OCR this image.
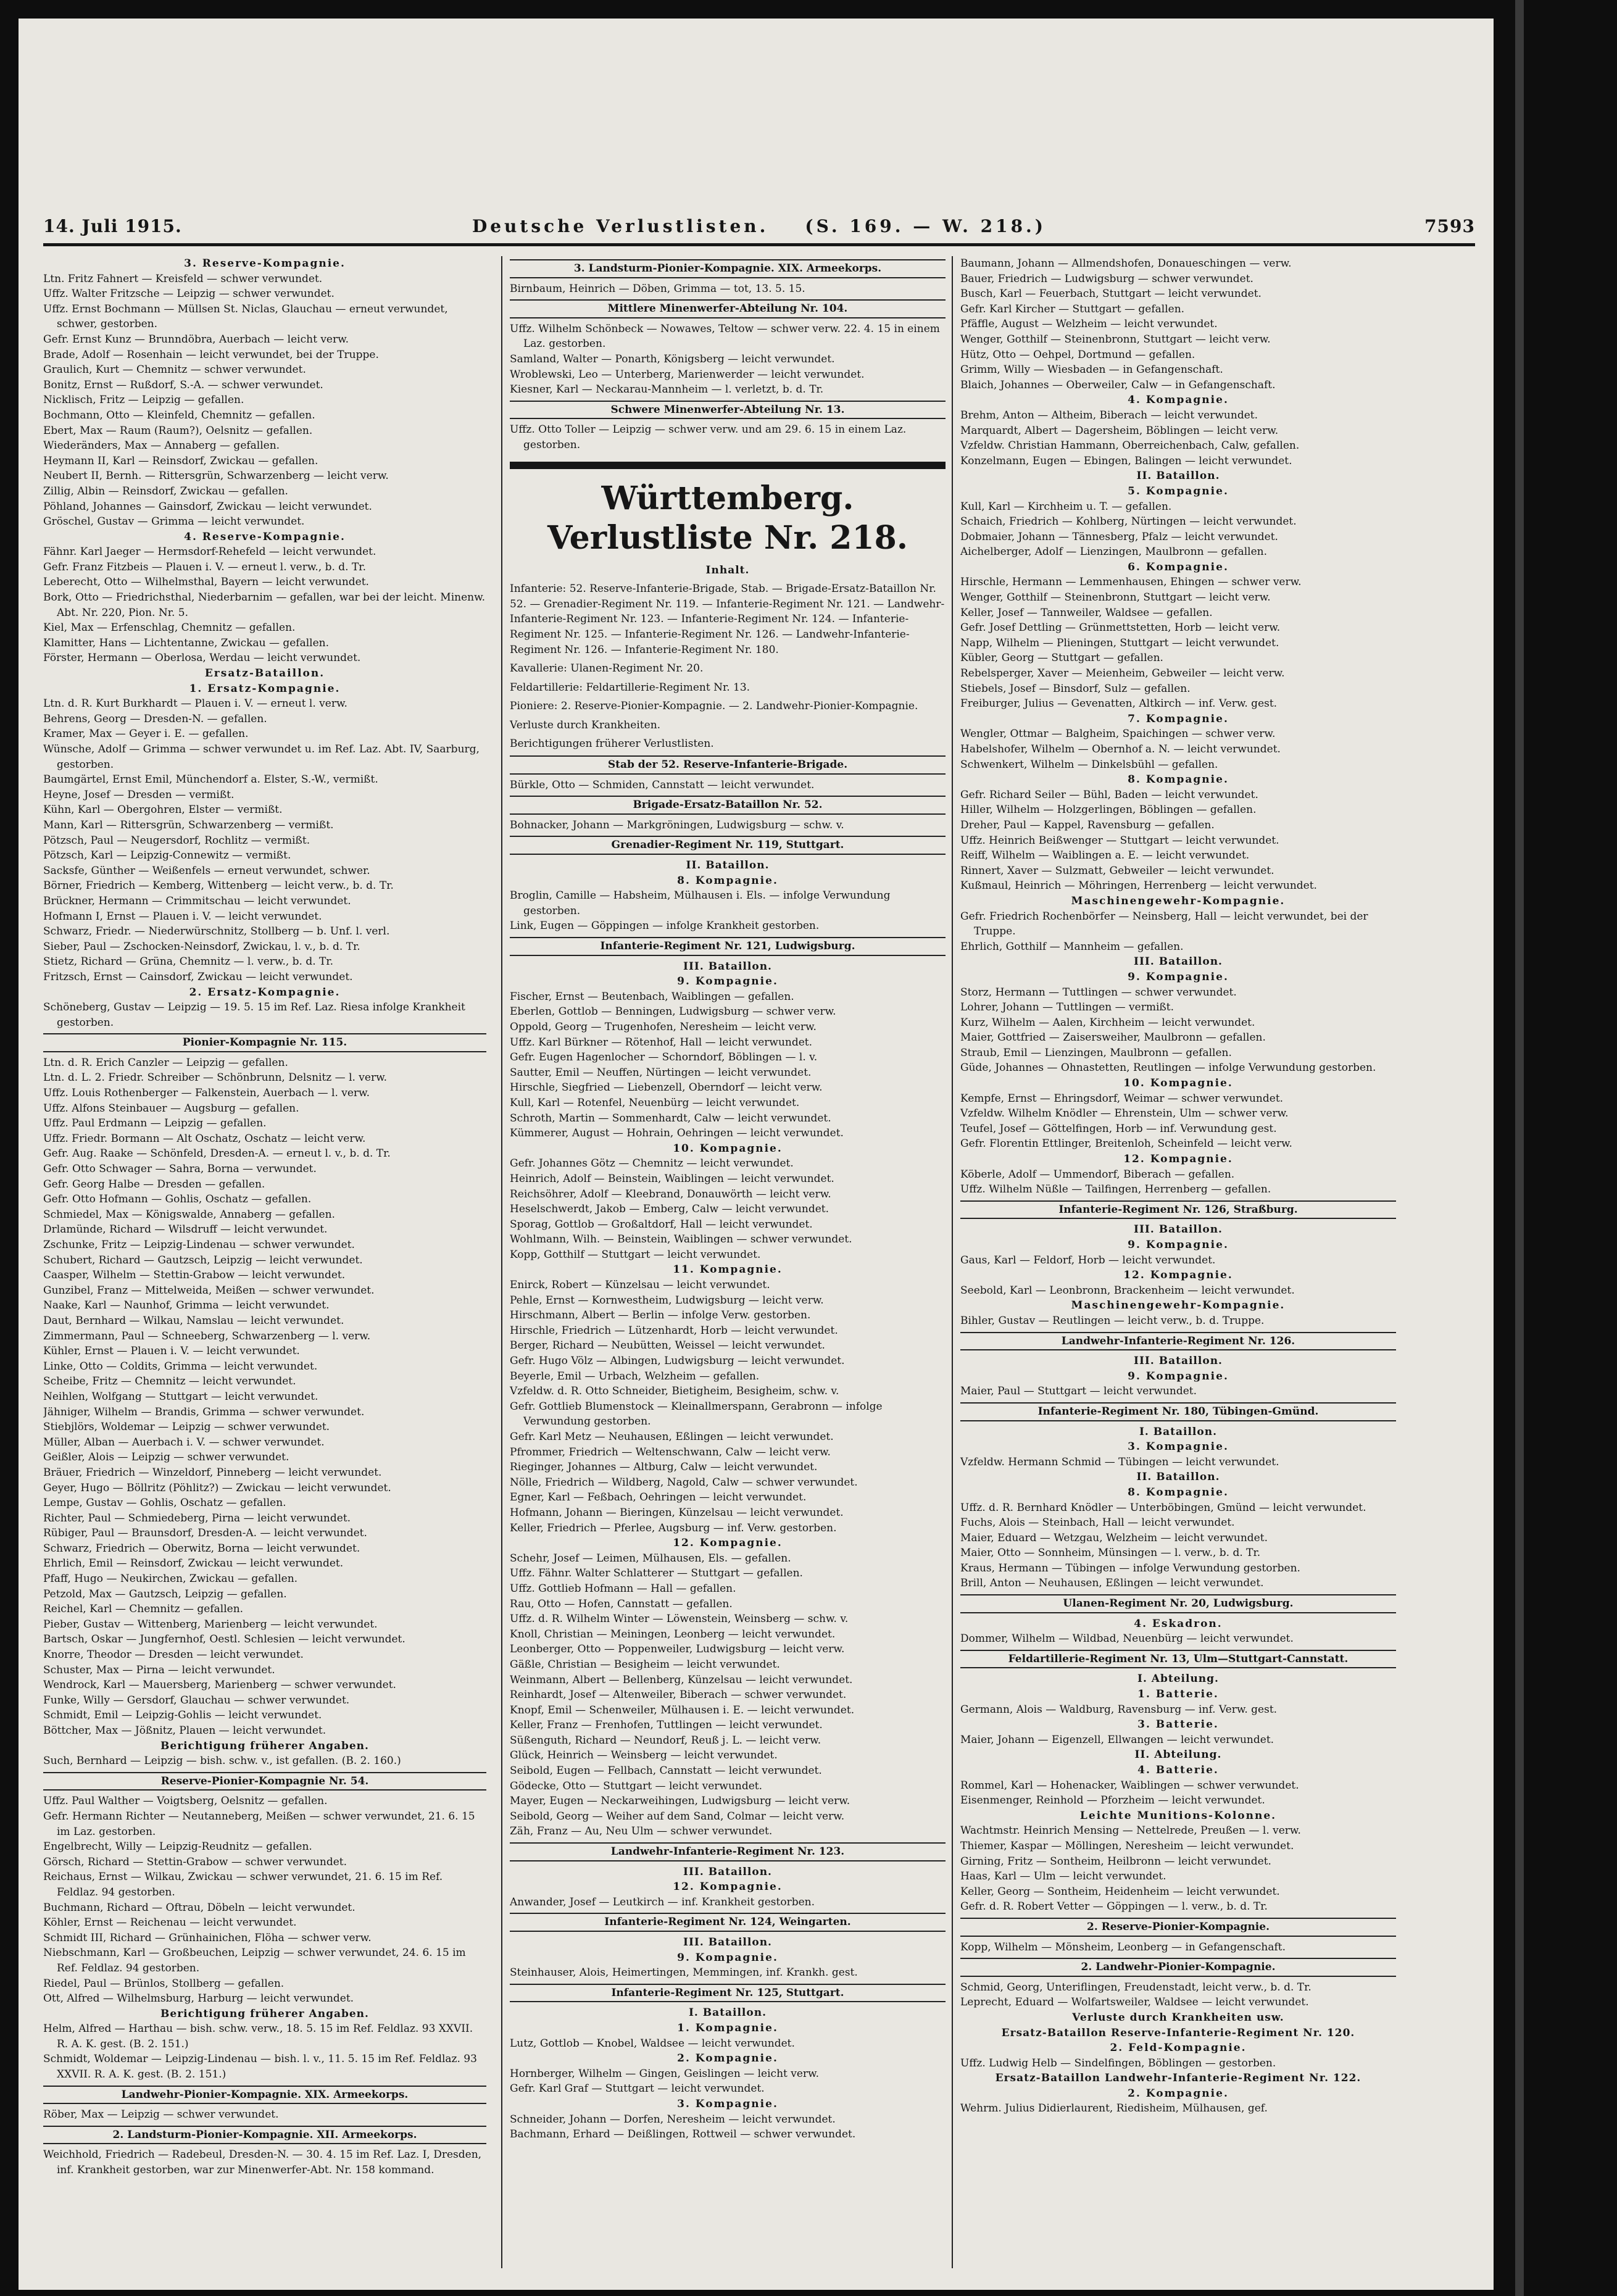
14. Juli 1915.	Deutsche Verlustlisten. (S. 169. — W. 218.)	7593
3. Reserve-Kompagnie.
Ltn. Fritz Fahnert — Kreisfeld — schwer verwundet.
Uffz. Walter Fritzsche — Leipzig — schwer verwundet.
Uffz. Ernst Bochmann — Müllsen St. Niclas, Glauchau — erneut verwundet, schwer, gestorben.
Gefr. Ernst Kunz — Brunndöbra, Auerbach — leicht verw.
Brade, Adolf — Rosenhain — leicht verwundet, bei der Truppe.
Graulich, Kurt — Chemnitz — schwer verwundet.
Bonitz, Ernst — Rußdorf, S.-A. — schwer verwundet.
Nicklisch, Fritz — Leipzig — gefallen.
Bochmann, Otto — Kleinfeld, Chemnitz — gefallen.
Ebert, Max — Raum (Raum?), Oelsnitz — gefallen.
Wiederänders, Max — Annaberg — gefallen.
Heymann II, Karl — Reinsdorf, Zwickau — gefallen.
Neubert II, Bernh. — Rittersgrün, Schwarzenberg — leicht verw.
Zillig, Albin — Reinsdorf, Zwickau — gefallen.
Pöhland, Johannes — Gainsdorf, Zwickau — leicht verwundet.
Gröschel, Gustav — Grimma — leicht verwundet.
4. Reserve-Kompagnie.
Fähnr. Karl Jaeger — Hermsdorf-Rehefeld — leicht verwundet.
Gefr. Franz Fitzbeis — Plauen i. V. — erneut l. verw., b. d. Tr.
Leberecht, Otto — Wilhelmsthal, Bayern — leicht verwundet.
Bork, Otto — Friedrichsthal, Niederbarnim — gefallen, war bei der leicht. Minenw. Abt. Nr. 220, Pion. Nr. 5.
Kiel, Max — Erfenschlag, Chemnitz — gefallen.
Klamitter, Hans — Lichtentanne, Zwickau — gefallen.
Förster, Hermann — Oberlosa, Werdau — leicht verwundet.
Ersatz-Bataillon.
1. Ersatz-Kompagnie.
Ltn. d. R. Kurt Burkhardt — Plauen i. V. — erneut l. verw.
Behrens, Georg — Dresden-N. — gefallen.
Kramer, Max — Geyer i. E. — gefallen.
Wünsche, Adolf — Grimma — schwer verwundet u. im Ref. Laz. Abt. IV, Saarburg, gestorben.
Baumgärtel, Ernst Emil, Münchendorf a. Elster, S.-W., vermißt.
Heyne, Josef — Dresden — vermißt.
Kühn, Karl — Obergohren, Elster — vermißt.
Mann, Karl — Rittersgrün, Schwarzenberg — vermißt.
Pötzsch, Paul — Neugersdorf, Rochlitz — vermißt.
Pötzsch, Karl — Leipzig-Connewitz — vermißt.
Sacksfe, Günther — Weißenfels — erneut verwundet, schwer.
Börner, Friedrich — Kemberg, Wittenberg — leicht verw., b. d. Tr.
Brückner, Hermann — Crimmitschau — leicht verwundet.
Hofmann I, Ernst — Plauen i. V. — leicht verwundet.
Schwarz, Friedr. — Niederwürschnitz, Stollberg — b. Unf. l. verl.
Sieber, Paul — Zschocken-Neinsdorf, Zwickau, l. v., b. d. Tr.
Stietz, Richard — Grüna, Chemnitz — l. verw., b. d. Tr.
Fritzsch, Ernst — Cainsdorf, Zwickau — leicht verwundet.
2. Ersatz-Kompagnie.
Schöneberg, Gustav — Leipzig — 19. 5. 15 im Ref. Laz. Riesa infolge Krankheit gestorben.
Pionier-Kompagnie Nr. 115.
Ltn. d. R. Erich Canzler — Leipzig — gefallen.
Ltn. d. L. 2. Friedr. Schreiber — Schönbrunn, Delsnitz — l. verw.
Uffz. Louis Rothenberger — Falkenstein, Auerbach — l. verw.
Uffz. Alfons Steinbauer — Augsburg — gefallen.
Uffz. Paul Erdmann — Leipzig — gefallen.
Uffz. Friedr. Bormann — Alt Oschatz, Oschatz — leicht verw.
Gefr. Aug. Raake — Schönfeld, Dresden-A. — erneut l. v., b. d. Tr.
Gefr. Otto Schwager — Sahra, Borna — verwundet.
Gefr. Georg Halbe — Dresden — gefallen.
Gefr. Otto Hofmann — Gohlis, Oschatz — gefallen.
Schmiedel, Max — Königswalde, Annaberg — gefallen.
Drlamünde, Richard — Wilsdruff — leicht verwundet.
Zschunke, Fritz — Leipzig-Lindenau — schwer verwundet.
Schubert, Richard — Gautzsch, Leipzig — leicht verwundet.
Caasper, Wilhelm — Stettin-Grabow — leicht verwundet.
Gunzibel, Franz — Mittelweida, Meißen — schwer verwundet.
Naake, Karl — Naunhof, Grimma — leicht verwundet.
Daut, Bernhard — Wilkau, Namslau — leicht verwundet.
Zimmermann, Paul — Schneeberg, Schwarzenberg — l. verw.
Kühler, Ernst — Plauen i. V. — leicht verwundet.
Linke, Otto — Coldits, Grimma — leicht verwundet.
Scheibe, Fritz — Chemnitz — leicht verwundet.
Neihlen, Wolfgang — Stuttgart — leicht verwundet.
Jähniger, Wilhelm — Brandis, Grimma — schwer verwundet.
Stiebjlörs, Woldemar — Leipzig — schwer verwundet.
Müller, Alban — Auerbach i. V. — schwer verwundet.
Geißler, Alois — Leipzig — schwer verwundet.
Bräuer, Friedrich — Winzeldorf, Pinneberg — leicht verwundet.
Geyer, Hugo — Böllritz (Pöhlitz?) — Zwickau — leicht verwundet.
Lempe, Gustav — Gohlis, Oschatz — gefallen.
Richter, Paul — Schmiedeberg, Pirna — leicht verwundet.
Rübiger, Paul — Braunsdorf, Dresden-A. — leicht verwundet.
Schwarz, Friedrich — Oberwitz, Borna — leicht verwundet.
Ehrlich, Emil — Reinsdorf, Zwickau — leicht verwundet.
Pfaff, Hugo — Neukirchen, Zwickau — gefallen.
Petzold, Max — Gautzsch, Leipzig — gefallen.
Reichel, Karl — Chemnitz — gefallen.
Pieber, Gustav — Wittenberg, Marienberg — leicht verwundet.
Bartsch, Oskar — Jungfernhof, Oestl. Schlesien — leicht verwundet.
Knorre, Theodor — Dresden — leicht verwundet.
Schuster, Max — Pirna — leicht verwundet.
Wendrock, Karl — Mauersberg, Marienberg — schwer verwundet.
Funke, Willy — Gersdorf, Glauchau — schwer verwundet.
Schmidt, Emil — Leipzig-Gohlis — leicht verwundet.
Böttcher, Max — Jößnitz, Plauen — leicht verwundet.
Berichtigung früherer Angaben.
Such, Bernhard — Leipzig — bish. schw. v., ist gefallen. (B. 2. 160.)
Reserve-Pionier-Kompagnie Nr. 54.
Uffz. Paul Walther — Voigtsberg, Oelsnitz — gefallen.
Gefr. Hermann Richter — Neutanneberg, Meißen — schwer verwundet, 21. 6. 15 im Laz. gestorben.
Engelbrecht, Willy — Leipzig-Reudnitz — gefallen.
Görsch, Richard — Stettin-Grabow — schwer verwundet.
Reichaus, Ernst — Wilkau, Zwickau — schwer verwundet, 21. 6. 15 im Ref. Feldlaz. 94 gestorben.
Buchmann, Richard — Oftrau, Döbeln — leicht verwundet.
Köhler, Ernst — Reichenau — leicht verwundet.
Schmidt III, Richard — Grünhainichen, Flöha — schwer verw.
Niebschmann, Karl — Großbeuchen, Leipzig — schwer verwundet, 24. 6. 15 im Ref. Feldlaz. 94 gestorben.
Riedel, Paul — Brünlos, Stollberg — gefallen.
Ott, Alfred — Wilhelmsburg, Harburg — leicht verwundet.
Berichtigung früherer Angaben.
Helm, Alfred — Harthau — bish. schw. verw., 18. 5. 15 im Ref. Feldlaz. 93 XXVII. R. A. K. gest. (B. 2. 151.)
Schmidt, Woldemar — Leipzig-Lindenau — bish. l. v., 11. 5. 15 im Ref. Feldlaz. 93 XXVII. R. A. K. gest. (B. 2. 151.)
Landwehr-Pionier-Kompagnie. XIX. Armeekorps.
Röber, Max — Leipzig — schwer verwundet.
2. Landsturm-Pionier-Kompagnie. XII. Armeekorps.
Weichhold, Friedrich — Radebeul, Dresden-N. — 30. 4. 15 im Ref. Laz. I, Dresden, inf. Krankheit gestorben, war zur Minenwerfer-Abt. Nr. 158 kommand.
3. Landsturm-Pionier-Kompagnie. XIX. Armeekorps.
Birnbaum, Heinrich — Döben, Grimma — tot, 13. 5. 15.
Mittlere Minenwerfer-Abteilung Nr. 104.
Uffz. Wilhelm Schönbeck — Nowawes, Teltow — schwer verw. 22. 4. 15 in einem Laz. gestorben.
Samland, Walter — Ponarth, Königsberg — leicht verwundet.
Wroblewski, Leo — Unterberg, Marienwerder — leicht verwundet.
Kiesner, Karl — Neckarau-Mannheim — l. verletzt, b. d. Tr.
Schwere Minenwerfer-Abteilung Nr. 13.
Uffz. Otto Toller — Leipzig — schwer verw. und am 29. 6. 15 in einem Laz. gestorben.
Württemberg. Verlustliste Nr. 218.
Inhalt.
Infanterie: 52. Reserve-Infanterie-Brigade, Stab. — Brigade-Ersatz-Bataillon Nr. 52. — Grenadier-Regiment Nr. 119. — Infanterie-Regiment Nr. 121. — Landwehr-Infanterie-Regiment Nr. 123. — Infanterie-Regiment Nr. 124. — Infanterie-Regiment Nr. 125. — Infanterie-Regiment Nr. 126. — Landwehr-Infanterie-Regiment Nr. 126. — Infanterie-Regiment Nr. 180.
Kavallerie: Ulanen-Regiment Nr. 20.
Feldartillerie: Feldartillerie-Regiment Nr. 13.
Pioniere: 2. Reserve-Pionier-Kompagnie. — 2. Landwehr-Pionier-Kompagnie.
Verluste durch Krankheiten.
Berichtigungen früherer Verlustlisten.
Stab der 52. Reserve-Infanterie-Brigade.
Bürkle, Otto — Schmiden, Cannstatt — leicht verwundet.
Brigade-Ersatz-Bataillon Nr. 52.
Bohnacker, Johann — Markgröningen, Ludwigsburg — schw. v.
Grenadier-Regiment Nr. 119, Stuttgart.
II. Bataillon.
8. Kompagnie.
Broglin, Camille — Habsheim, Mülhausen i. Els. — infolge Verwundung gestorben.
Link, Eugen — Göppingen — infolge Krankheit gestorben.
Infanterie-Regiment Nr. 121, Ludwigsburg.
III. Bataillon.
9. Kompagnie.
Fischer, Ernst — Beutenbach, Waiblingen — gefallen.
Eberlen, Gottlob — Benningen, Ludwigsburg — schwer verw.
Oppold, Georg — Trugenhofen, Neresheim — leicht verw.
Uffz. Karl Bürkner — Rötenhof, Hall — leicht verwundet.
Gefr. Eugen Hagenlocher — Schorndorf, Böblingen — l. v.
Sautter, Emil — Neuffen, Nürtingen — leicht verwundet.
Hirschle, Siegfried — Liebenzell, Oberndorf — leicht verw.
Kull, Karl — Rotenfel, Neuenbürg — leicht verwundet.
Schroth, Martin — Sommenhardt, Calw — leicht verwundet.
Kümmerer, August — Hohrain, Oehringen — leicht verwundet.
10. Kompagnie.
Gefr. Johannes Götz — Chemnitz — leicht verwundet.
Heinrich, Adolf — Beinstein, Waiblingen — leicht verwundet.
Reichsöhrer, Adolf — Kleebrand, Donauwörth — leicht verw.
Heselschwerdt, Jakob — Emberg, Calw — leicht verwundet.
Sporag, Gottlob — Großaltdorf, Hall — leicht verwundet.
Wohlmann, Wilh. — Beinstein, Waiblingen — schwer verwundet.
Kopp, Gotthilf — Stuttgart — leicht verwundet.
11. Kompagnie.
Enirck, Robert — Künzelsau — leicht verwundet.
Pehle, Ernst — Kornwestheim, Ludwigsburg — leicht verw.
Hirschmann, Albert — Berlin — infolge Verw. gestorben.
Hirschle, Friedrich — Lützenhardt, Horb — leicht verwundet.
Berger, Richard — Neubütten, Weissel — leicht verwundet.
Gefr. Hugo Völz — Albingen, Ludwigsburg — leicht verwundet.
Beyerle, Emil — Urbach, Welzheim — gefallen.
Vzfeldw. d. R. Otto Schneider, Bietigheim, Besigheim, schw. v.
Gefr. Gottlieb Blumenstock — Kleinallmerspann, Gerabronn — infolge Verwundung gestorben.
Gefr. Karl Metz — Neuhausen, Eßlingen — leicht verwundet.
Pfrommer, Friedrich — Weltenschwann, Calw — leicht verw.
Rieginger, Johannes — Altburg, Calw — leicht verwundet.
Nölle, Friedrich — Wildberg, Nagold, Calw — schwer verwundet.
Egner, Karl — Feßbach, Oehringen — leicht verwundet.
Hofmann, Johann — Bieringen, Künzelsau — leicht verwundet.
Keller, Friedrich — Pferlee, Augsburg — inf. Verw. gestorben.
12. Kompagnie.
Schehr, Josef — Leimen, Mülhausen, Els. — gefallen.
Uffz. Fähnr. Walter Schlatterer — Stuttgart — gefallen.
Uffz. Gottlieb Hofmann — Hall — gefallen.
Rau, Otto — Hofen, Cannstatt — gefallen.
Uffz. d. R. Wilhelm Winter — Löwenstein, Weinsberg — schw. v.
Knoll, Christian — Meiningen, Leonberg — leicht verwundet.
Leonberger, Otto — Poppenweiler, Ludwigsburg — leicht verw.
Gäßle, Christian — Besigheim — leicht verwundet.
Weinmann, Albert — Bellenberg, Künzelsau — leicht verwundet.
Reinhardt, Josef — Altenweiler, Biberach — schwer verwundet.
Knopf, Emil — Schenweiler, Mülhausen i. E. — leicht verwundet.
Keller, Franz — Frenhofen, Tuttlingen — leicht verwundet.
Süßenguth, Richard — Neundorf, Reuß j. L. — leicht verw.
Glück, Heinrich — Weinsberg — leicht verwundet.
Seibold, Eugen — Fellbach, Cannstatt — leicht verwundet.
Gödecke, Otto — Stuttgart — leicht verwundet.
Mayer, Eugen — Neckarweihingen, Ludwigsburg — leicht verw.
Seibold, Georg — Weiher auf dem Sand, Colmar — leicht verw.
Zäh, Franz — Au, Neu Ulm — schwer verwundet.
Landwehr-Infanterie-Regiment Nr. 123.
III. Bataillon.
12. Kompagnie.
Anwander, Josef — Leutkirch — inf. Krankheit gestorben.
Infanterie-Regiment Nr. 124, Weingarten.
III. Bataillon.
9. Kompagnie.
Steinhauser, Alois, Heimertingen, Memmingen, inf. Krankh. gest.
Infanterie-Regiment Nr. 125, Stuttgart.
I. Bataillon.
1. Kompagnie.
Lutz, Gottlob — Knobel, Waldsee — leicht verwundet.
2. Kompagnie.
Hornberger, Wilhelm — Gingen, Geislingen — leicht verw.
Gefr. Karl Graf — Stuttgart — leicht verwundet.
3. Kompagnie.
Schneider, Johann — Dorfen, Neresheim — leicht verwundet.
Bachmann, Erhard — Deißlingen, Rottweil — schwer verwundet.
Baumann, Johann — Allmendshofen, Donaueschingen — verw.
Bauer, Friedrich — Ludwigsburg — schwer verwundet.
Busch, Karl — Feuerbach, Stuttgart — leicht verwundet.
Gefr. Karl Kircher — Stuttgart — gefallen.
Pfäffle, August — Welzheim — leicht verwundet.
Wenger, Gotthilf — Steinenbronn, Stuttgart — leicht verw.
Hütz, Otto — Oehpel, Dortmund — gefallen.
Grimm, Willy — Wiesbaden — in Gefangenschaft.
Blaich, Johannes — Oberweiler, Calw — in Gefangenschaft.
4. Kompagnie.
Brehm, Anton — Altheim, Biberach — leicht verwundet.
Marquardt, Albert — Dagersheim, Böblingen — leicht verw.
Vzfeldw. Christian Hammann, Oberreichenbach, Calw, gefallen.
Konzelmann, Eugen — Ebingen, Balingen — leicht verwundet.
II. Bataillon.
5. Kompagnie.
Kull, Karl — Kirchheim u. T. — gefallen.
Schaich, Friedrich — Kohlberg, Nürtingen — leicht verwundet.
Dobmaier, Johann — Tännesberg, Pfalz — leicht verwundet.
Aichelberger, Adolf — Lienzingen, Maulbronn — gefallen.
6. Kompagnie.
Hirschle, Hermann — Lemmenhausen, Ehingen — schwer verw.
Wenger, Gotthilf — Steinenbronn, Stuttgart — leicht verw.
Keller, Josef — Tannweiler, Waldsee — gefallen.
Gefr. Josef Dettling — Grünmettstetten, Horb — leicht verw.
Napp, Wilhelm — Plieningen, Stuttgart — leicht verwundet.
Kübler, Georg — Stuttgart — gefallen.
Rebelsperger, Xaver — Meienheim, Gebweiler — leicht verw.
Stiebels, Josef — Binsdorf, Sulz — gefallen.
Freiburger, Julius — Gevenatten, Altkirch — inf. Verw. gest.
7. Kompagnie.
Wengler, Ottmar — Balgheim, Spaichingen — schwer verw.
Habelshofer, Wilhelm — Obernhof a. N. — leicht verwundet.
Schwenkert, Wilhelm — Dinkelsbühl — gefallen.
8. Kompagnie.
Gefr. Richard Seiler — Bühl, Baden — leicht verwundet.
Hiller, Wilhelm — Holzgerlingen, Böblingen — gefallen.
Dreher, Paul — Kappel, Ravensburg — gefallen.
Uffz. Heinrich Beißwenger — Stuttgart — leicht verwundet.
Reiff, Wilhelm — Waiblingen a. E. — leicht verwundet.
Rinnert, Xaver — Sulzmatt, Gebweiler — leicht verwundet.
Kußmaul, Heinrich — Möhringen, Herrenberg — leicht verwundet.
Maschinengewehr-Kompagnie.
Gefr. Friedrich Rochenbörfer — Neinsberg, Hall — leicht verwundet, bei der Truppe.
Ehrlich, Gotthilf — Mannheim — gefallen.
III. Bataillon.
9. Kompagnie.
Storz, Hermann — Tuttlingen — schwer verwundet.
Lohrer, Johann — Tuttlingen — vermißt.
Kurz, Wilhelm — Aalen, Kirchheim — leicht verwundet.
Maier, Gottfried — Zaisersweiher, Maulbronn — gefallen.
Straub, Emil — Lienzingen, Maulbronn — gefallen.
Güde, Johannes — Ohnastetten, Reutlingen — infolge Verwundung gestorben.
10. Kompagnie.
Kempfe, Ernst — Ehringsdorf, Weimar — schwer verwundet.
Vzfeldw. Wilhelm Knödler — Ehrenstein, Ulm — schwer verw.
Teufel, Josef — Göttelfingen, Horb — inf. Verwundung gest.
Gefr. Florentin Ettlinger, Breitenloh, Scheinfeld — leicht verw.
12. Kompagnie.
Köberle, Adolf — Ummendorf, Biberach — gefallen.
Uffz. Wilhelm Nüßle — Tailfingen, Herrenberg — gefallen.
Infanterie-Regiment Nr. 126, Straßburg.
III. Bataillon.
9. Kompagnie.
Gaus, Karl — Feldorf, Horb — leicht verwundet.
12. Kompagnie.
Seebold, Karl — Leonbronn, Brackenheim — leicht verwundet.
Maschinengewehr-Kompagnie.
Bihler, Gustav — Reutlingen — leicht verw., b. d. Truppe.
Landwehr-Infanterie-Regiment Nr. 126.
III. Bataillon.
9. Kompagnie.
Maier, Paul — Stuttgart — leicht verwundet.
Infanterie-Regiment Nr. 180, Tübingen-Gmünd.
I. Bataillon.
3. Kompagnie.
Vzfeldw. Hermann Schmid — Tübingen — leicht verwundet.
II. Bataillon.
8. Kompagnie.
Uffz. d. R. Bernhard Knödler — Unterböbingen, Gmünd — leicht verwundet.
Fuchs, Alois — Steinbach, Hall — leicht verwundet.
Maier, Eduard — Wetzgau, Welzheim — leicht verwundet.
Maier, Otto — Sonnheim, Münsingen — l. verw., b. d. Tr.
Kraus, Hermann — Tübingen — infolge Verwundung gestorben.
Brill, Anton — Neuhausen, Eßlingen — leicht verwundet.
Ulanen-Regiment Nr. 20, Ludwigsburg.
4. Eskadron.
Dommer, Wilhelm — Wildbad, Neuenbürg — leicht verwundet.
Feldartillerie-Regiment Nr. 13, Ulm—Stuttgart-Cannstatt.
I. Abteilung.
1. Batterie.
Germann, Alois — Waldburg, Ravensburg — inf. Verw. gest.
3. Batterie.
Maier, Johann — Eigenzell, Ellwangen — leicht verwundet.
II. Abteilung.
4. Batterie.
Rommel, Karl — Hohenacker, Waiblingen — schwer verwundet.
Eisenmenger, Reinhold — Pforzheim — leicht verwundet.
Leichte Munitions-Kolonne.
Wachtmstr. Heinrich Mensing — Nettelrede, Preußen — l. verw.
Thiemer, Kaspar — Möllingen, Neresheim — leicht verwundet.
Girning, Fritz — Sontheim, Heilbronn — leicht verwundet.
Haas, Karl — Ulm — leicht verwundet.
Keller, Georg — Sontheim, Heidenheim — leicht verwundet.
Gefr. d. R. Robert Vetter — Göppingen — l. verw., b. d. Tr.
2. Reserve-Pionier-Kompagnie.
Kopp, Wilhelm — Mönsheim, Leonberg — in Gefangenschaft.
2. Landwehr-Pionier-Kompagnie.
Schmid, Georg, Unteriflingen, Freudenstadt, leicht verw., b. d. Tr.
Leprecht, Eduard — Wolfartsweiler, Waldsee — leicht verwundet.
Verluste durch Krankheiten usw.
Ersatz-Bataillon Reserve-Infanterie-Regiment Nr. 120.
2. Feld-Kompagnie.
Uffz. Ludwig Helb — Sindelfingen, Böblingen — gestorben.
Ersatz-Bataillon Landwehr-Infanterie-Regiment Nr. 122.
2. Kompagnie.
Wehrm. Julius Didierlaurent, Riedisheim, Mülhausen, gef.
